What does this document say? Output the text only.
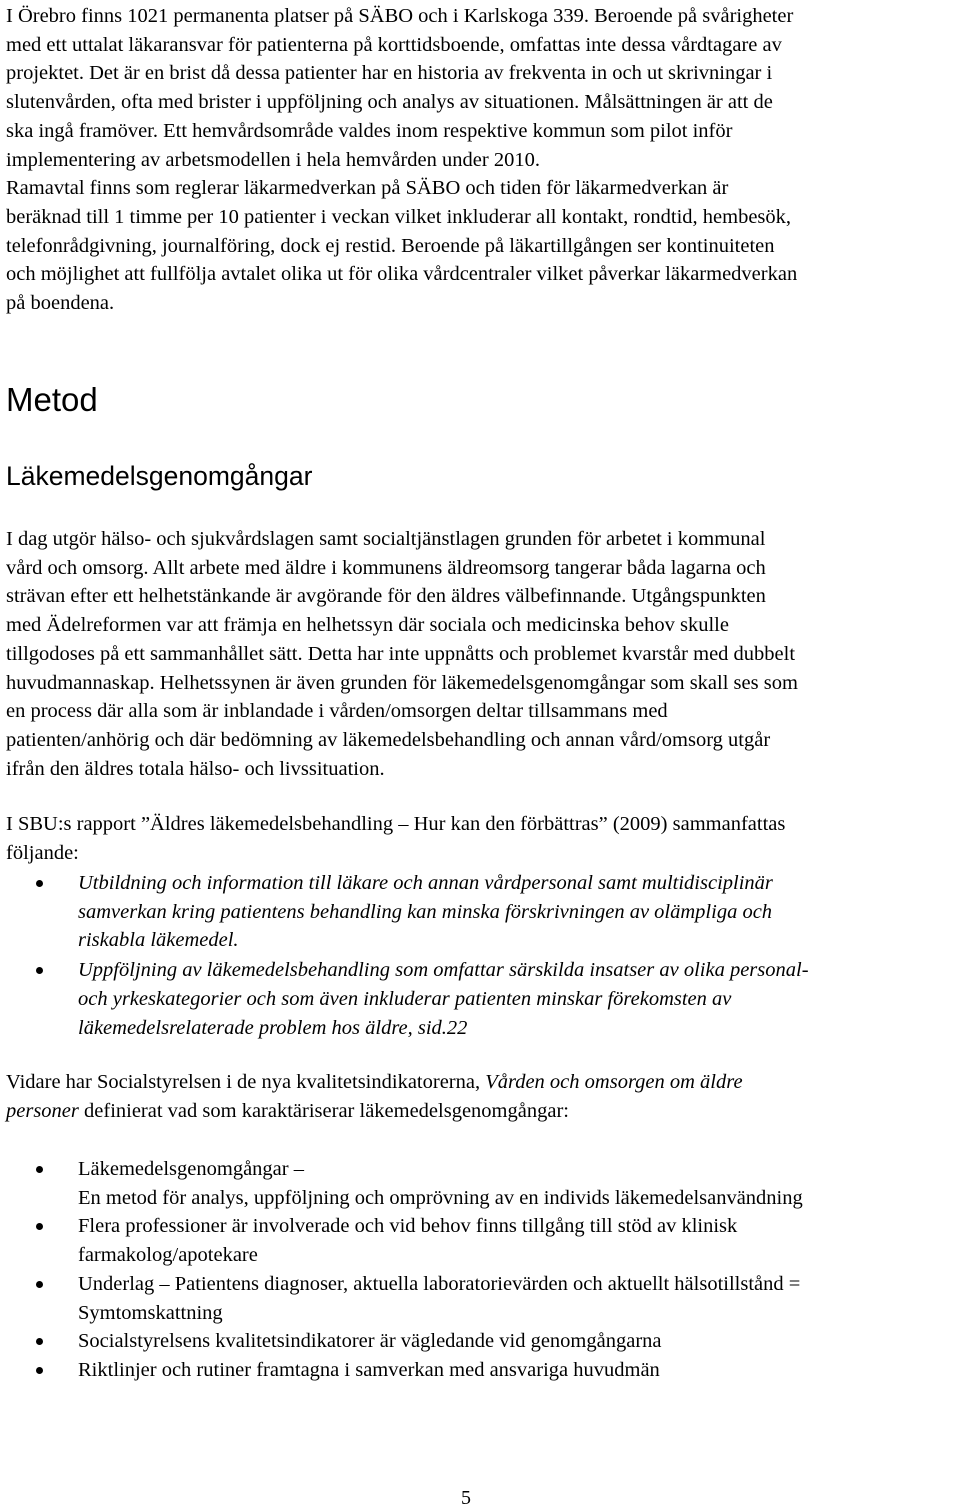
I Örebro finns 1021 permanenta platser på SÄBO och i Karlskoga 339. Beroende på svårigheter
med ett uttalat läkaransvar för patienterna på korttidsboende, omfattas inte dessa vårdtagare av
projektet. Det är en brist då dessa patienter har en historia av frekventa in och ut skrivningar i
slutenvården, ofta med brister i uppföljning och analys av situationen. Målsättningen är att de
ska ingå framöver. Ett hemvårdsområde valdes inom respektive kommun som pilot inför
implementering av arbetsmodellen i hela hemvården under 2010.
Ramavtal finns som reglerar läkarmedverkan på SÄBO och tiden för läkarmedverkan är
beräknad till 1 timme per 10 patienter i veckan vilket inkluderar all kontakt, rondtid, hembesök,
telefonrådgivning, journalföring, dock ej restid. Beroende på läkartillgången ser kontinuiteten
och möjlighet att fullfölja avtalet olika ut för olika vårdcentraler vilket påverkar läkarmedverkan
på boendena.

Metod
Läkemedelsgenomgångar

I dag utgör hälso- och sjukvårdslagen samt socialtjänstlagen grunden för arbetet i kommunal
vård och omsorg. Allt arbete med äldre i kommunens äldreomsorg tangerar båda lagarna och
strävan efter ett helhetstänkande är avgörande för den äldres välbefinnande. Utgångspunkten
med Ädelreformen var att främja en helhetssyn där sociala och medicinska behov skulle
tillgodoses på ett sammanhållet sätt. Detta har inte uppnåtts och problemet kvarstår med dubbelt
huvudmannaskap. Helhetssynen är även grunden för läkemedelsgenomgångar som skall ses som
en process där alla som är inblandade i vården/omsorgen deltar tillsammans med
patienten/anhörig och där bedömning av läkemedelsbehandling och annan vård/omsorg utgår
ifrån den äldres totala hälso- och livssituation.

I SBU:s rapport ”Äldres läkemedelsbehandling – Hur kan den förbättras” (2009) sammanfattas
följande:

Utbildning och information till läkare och annan vårdpersonal samt multidisciplinär
samverkan kring patientens behandling kan minska förskrivningen av olämpliga och
riskabla läkemedel.
Uppföljning av läkemedelsbehandling som omfattar särskilda insatser av olika personal-
och yrkeskategorier och som även inkluderar patienten minskar förekomsten av
läkemedelsrelaterade problem hos äldre, sid.22

Vidare har Socialstyrelsen i de nya kvalitetsindikatorerna, Vården och omsorgen om äldre
personer definierat vad som karaktäriserar läkemedelsgenomgångar:

Läkemedelsgenomgångar –
En metod för analys, uppföljning och omprövning av en individs läkemedelsanvändning
Flera professioner är involverade och vid behov finns tillgång till stöd av klinisk
farmakolog/apotekare
Underlag – Patientens diagnoser, aktuella laboratorievärden och aktuellt hälsotillstånd =
Symtomskattning
Socialstyrelsens kvalitetsindikatorer är vägledande vid genomgångarna
Riktlinjer och rutiner framtagna i samverkan med ansvariga huvudmän

5
